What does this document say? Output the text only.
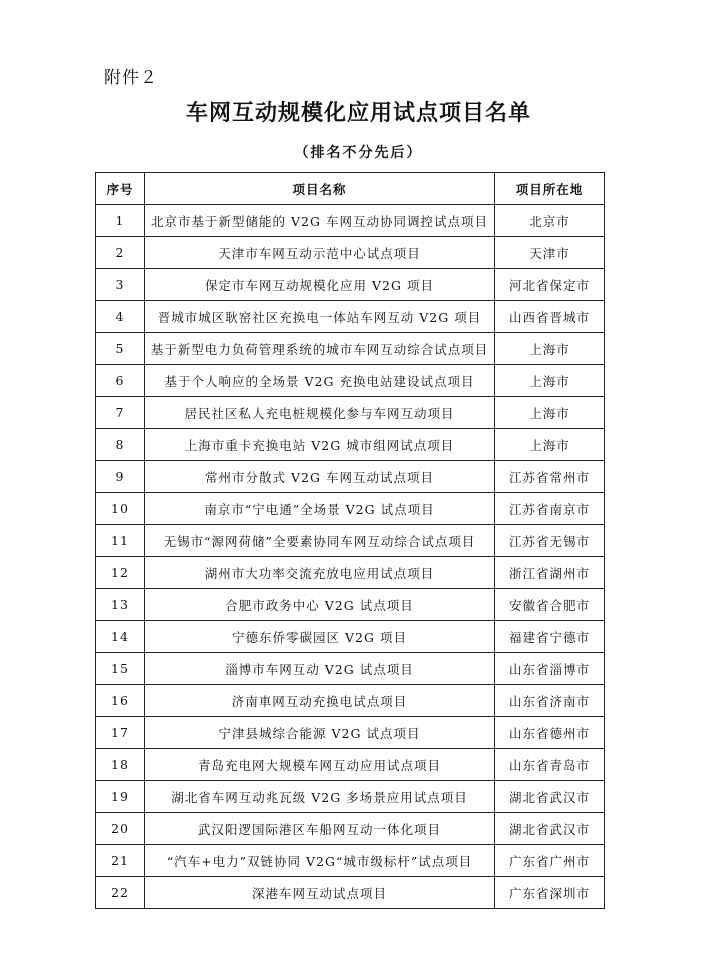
附件２
车网互动规模化应用试点项目名单
（排名不分先后）
序号	项目名称	项目所在地
1	北京市基于新型储能的 V2G 车网互动协同调控试点项目	北京市
2	天津市车网互动示范中心试点项目	天津市
3	保定市车网互动规模化应用 V2G 项目	河北省保定市
4	晋城市城区耿窑社区充换电一体站车网互动 V2G 项目	山西省晋城市
5	基于新型电力负荷管理系统的城市车网互动综合试点项目	上海市
6	基于个人响应的全场景 V2G 充换电站建设试点项目	上海市
7	居民社区私人充电桩规模化参与车网互动项目	上海市
8	上海市重卡充换电站 V2G 城市组网试点项目	上海市
9	常州市分散式 V2G 车网互动试点项目	江苏省常州市
10	南京市“宁电通”全场景 V2G 试点项目	江苏省南京市
11	无锡市“源网荷储”全要素协同车网互动综合试点项目	江苏省无锡市
12	湖州市大功率交流充放电应用试点项目	浙江省湖州市
13	合肥市政务中心 V2G 试点项目	安徽省合肥市
14	宁德东侨零碳园区 V2G 项目	福建省宁德市
15	淄博市车网互动 V2G 试点项目	山东省淄博市
16	济南車网互动充换电试点项目	山东省济南市
17	宁津县城综合能源 V2G 试点项目	山东省德州市
18	青岛充电网大规模车网互动应用试点项目	山东省青岛市
19	湖北省车网互动兆瓦级 V2G 多场景应用试点项目	湖北省武汉市
20	武汉阳逻国际港区车船网互动一体化项目	湖北省武汉市
21	“汽车+电力”双链协同 V2G“城市级标杆”试点项目	广东省广州市
22	深港车网互动试点项目	广东省深圳市
